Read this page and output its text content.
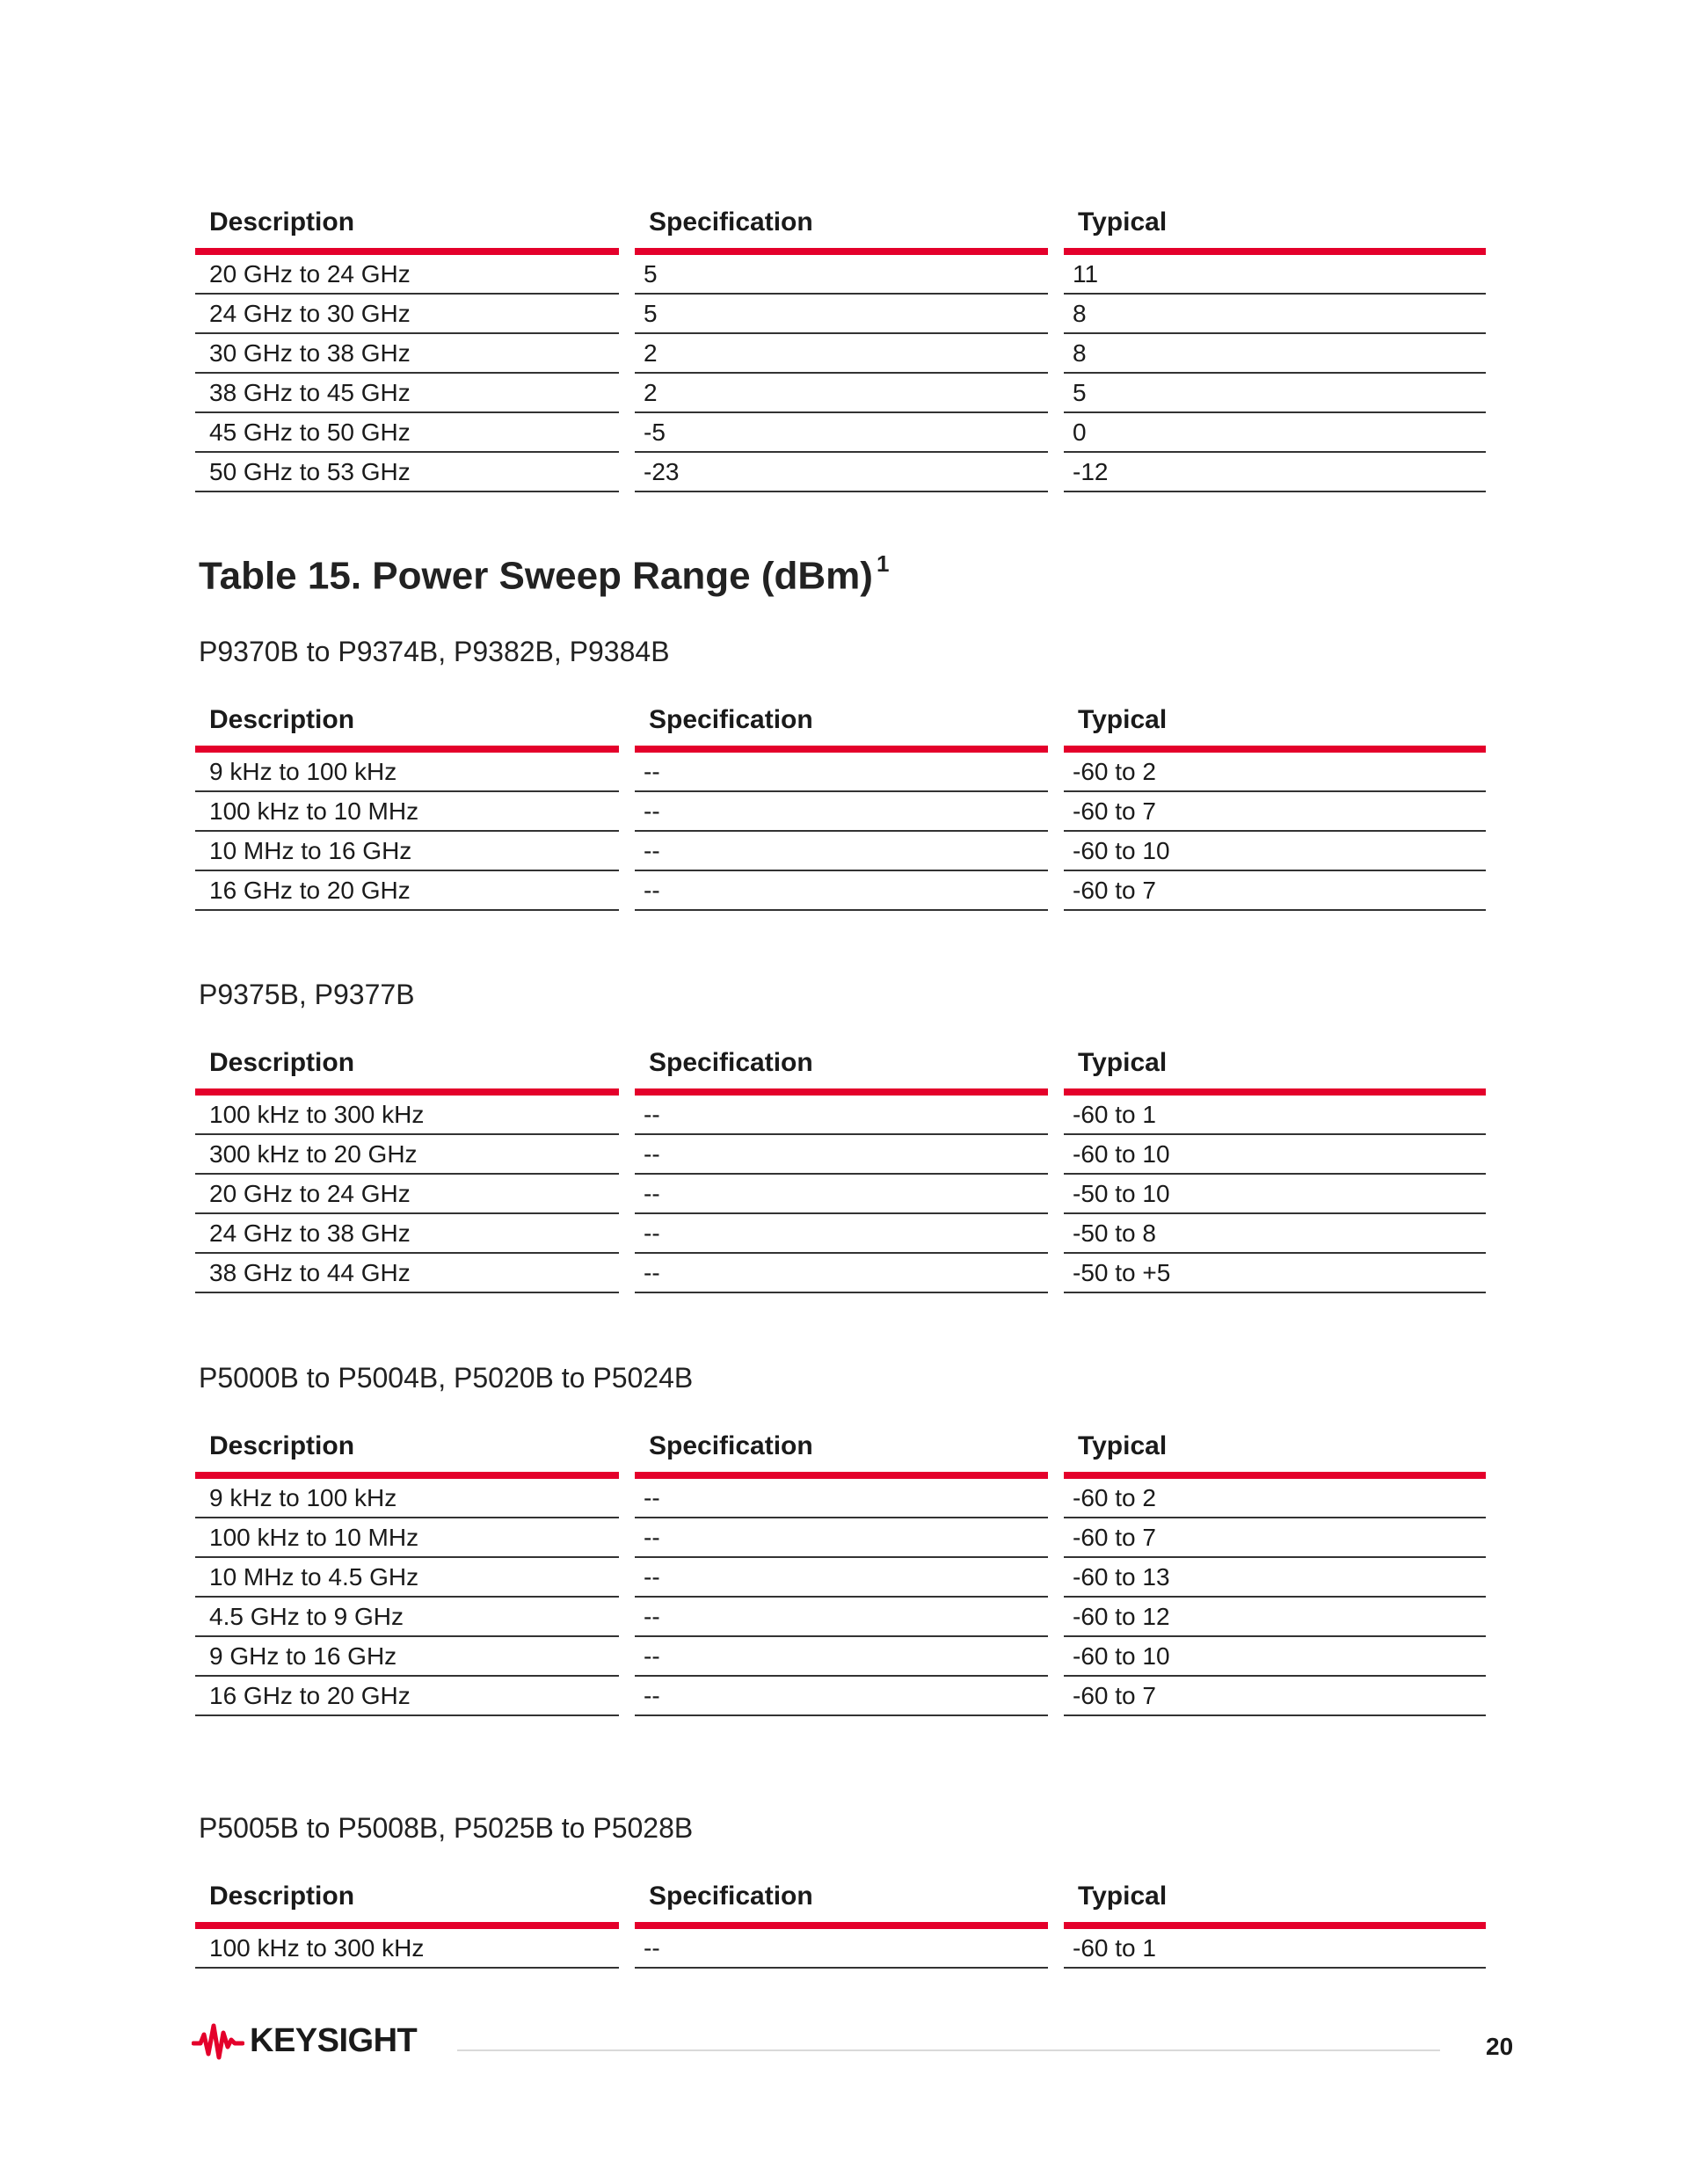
Description		Specification		Typical
20 GHz to 24 GHz		5		11
24 GHz to 30 GHz		5		8
30 GHz to 38 GHz		2		8
38 GHz to 45 GHz		2		5
45 GHz to 50 GHz		-5		0
50 GHz to 53 GHz		-23		-12
Table 15. Power Sweep Range (dBm) $^1$

P9370B to P9374B, P9382B, P9384B

Description		Specification		Typical
9 kHz to 100 kHz		--		-60 to 2
100 kHz to 10 MHz		--		-60 to 7
10 MHz to 16 GHz		--		-60 to 10
16 GHz to 20 GHz		--		-60 to 7

P9375B, P9377B

Description		Specification		Typical
100 kHz to 300 kHz		--		-60 to 1
300 kHz to 20 GHz		--		-60 to 10
20 GHz to 24 GHz		--		-50 to 10
24 GHz to 38 GHz		--		-50 to 8
38 GHz to 44 GHz		--		-50 to +5

P5000B to P5004B, P5020B to P5024B

Description		Specification		Typical
9 kHz to 100 kHz		--		-60 to 2
100 kHz to 10 MHz		--		-60 to 7
10 MHz to 4.5 GHz		--		-60 to 13
4.5 GHz to 9 GHz		--		-60 to 12
9 GHz to 16 GHz		--		-60 to 10
16 GHz to 20 GHz		--		-60 to 7

P5005B to P5008B, P5025B to P5028B

Description		Specification		Typical
100 kHz to 300 kHz		--		-60 to 1
KEYSIGHT	20
